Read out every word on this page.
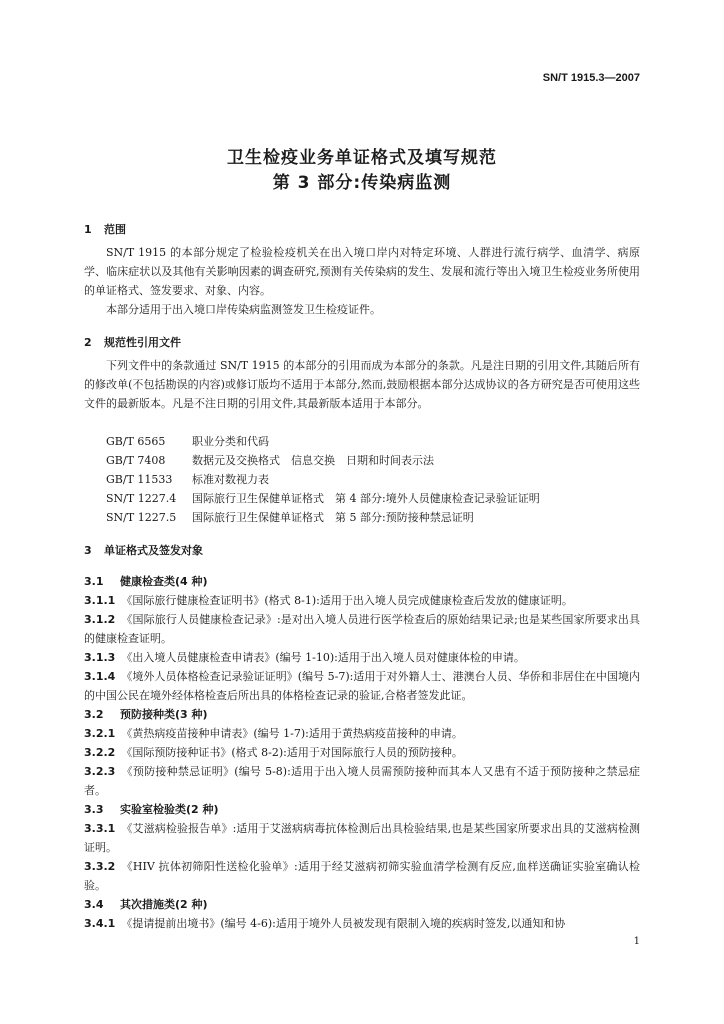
SN/T 1915.3—2007
卫生检疫业务单证格式及填写规范
第 3 部分:传染病监测
1 范围
SN/T 1915 的本部分规定了检验检疫机关在出入境口岸内对特定环境、人群进行流行病学、血清学、病原学、临床症状以及其他有关影响因素的调查研究,预测有关传染病的发生、发展和流行等出入境卫生检疫业务所使用的单证格式、签发要求、对象、内容。
本部分适用于出入境口岸传染病监测签发卫生检疫证件。
2 规范性引用文件
下列文件中的条款通过 SN/T 1915 的本部分的引用而成为本部分的条款。凡是注日期的引用文件,其随后所有的修改单(不包括勘误的内容)或修订版均不适用于本部分,然而,鼓励根据本部分达成协议的各方研究是否可使用这些文件的最新版本。凡是不注日期的引用文件,其最新版本适用于本部分。
GB/T 6565 职业分类和代码
GB/T 7408 数据元及交换格式　信息交换　日期和时间表示法
GB/T 11533 标准对数视力表
SN/T 1227.4 国际旅行卫生保健单证格式　第 4 部分:境外人员健康检查记录验证证明
SN/T 1227.5 国际旅行卫生保健单证格式　第 5 部分:预防接种禁忌证明
3 单证格式及签发对象
3.1 健康检查类(4 种)
3.1.1 《国际旅行健康检查证明书》(格式 8-1):适用于出入境人员完成健康检查后发放的健康证明。
3.1.2 《国际旅行人员健康检查记录》:是对出入境人员进行医学检查后的原始结果记录;也是某些国家所要求出具的健康检查证明。
3.1.3 《出入境人员健康检查申请表》(编号 1-10):适用于出入境人员对健康体检的申请。
3.1.4 《境外人员体格检查记录验证证明》(编号 5-7):适用于对外籍人士、港澳台人员、华侨和非居住在中国境内的中国公民在境外经体格检查后所出具的体格检查记录的验证,合格者签发此证。
3.2 预防接种类(3 种)
3.2.1 《黄热病疫苗接种申请表》(编号 1-7):适用于黄热病疫苗接种的申请。
3.2.2 《国际预防接种证书》(格式 8-2):适用于对国际旅行人员的预防接种。
3.2.3 《预防接种禁忌证明》(编号 5-8):适用于出入境人员需预防接种而其本人又患有不适于预防接种之禁忌症者。
3.3 实验室检验类(2 种)
3.3.1 《艾滋病检验报告单》:适用于艾滋病病毒抗体检测后出具检验结果,也是某些国家所要求出具的艾滋病检测证明。
3.3.2 《HIV 抗体初筛阳性送检化验单》:适用于经艾滋病初筛实验血清学检测有反应,血样送确证实验室确认检验。
3.4 其次措施类(2 种)
3.4.1 《提请提前出境书》(编号 4-6):适用于境外人员被发现有限制入境的疾病时签发,以通知和协
1
